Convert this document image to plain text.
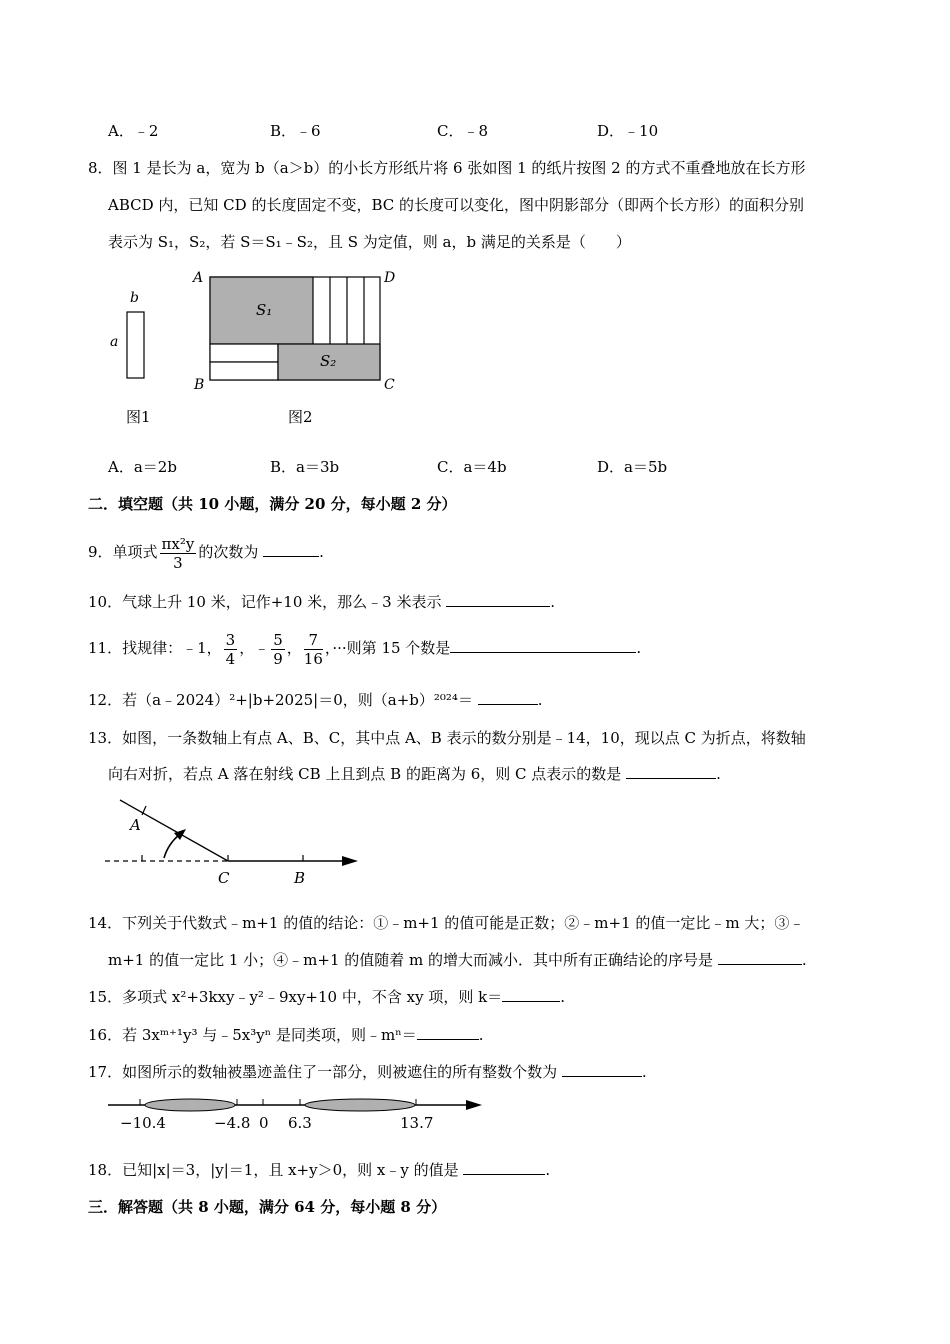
A．﹣2	B．﹣6	C．﹣8	D．﹣10
8．图 1 是长为 a，宽为 b（a＞b）的小长方形纸片将 6 张如图 1 的纸片按图 2 的方式不重叠地放在长方形
ABCD 内，已知 CD 的长度固定不变，BC 的长度可以变化，图中阴影部分（即两个长方形）的面积分别
表示为 S₁，S₂，若 S＝S₁﹣S₂，且 S 为定值，则 a，b 满足的关系是（　　）
b
a
图1
A	D
B	C
S₁
S₂
图2
A．a＝2b	B．a＝3b	C．a＝4b	D．a＝5b
二．填空题（共 10 小题，满分 20 分，每小题 2 分）
9．单项式 $\frac{\text{πx²y}}{3}$ 的次数为	.
10．气球上升 10 米，记作+10 米，那么﹣3 米表示	.
11．找规律：﹣1， $\frac{3}{4}$ ，﹣ $\frac{5}{9}$ ， $\frac{7}{16}$ ，···则第 15 个数是	.
12．若（a﹣2024）²+|b+2025|＝0，则（a+b）²⁰²⁴＝	.
13．如图，一条数轴上有点 A、B、C，其中点 A、B 表示的数分别是﹣14，10，现以点 C 为折点，将数轴
向右对折，若点 A 落在射线 CB 上且到点 B 的距离为 6，则 C 点表示的数是	.
A
C	B
14．下列关于代数式﹣m+1 的值的结论：①﹣m+1 的值可能是正数；②﹣m+1 的值一定比﹣m 大；③﹣
m+1 的值一定比 1 小；④﹣m+1 的值随着 m 的增大而减小．其中所有正确结论的序号是	.
15．多项式 x²+3kxy﹣y²﹣9xy+10 中，不含 xy 项，则 k＝	.
16．若 3xᵐ⁺¹y³ 与﹣5x³yⁿ 是同类项，则﹣mⁿ＝	.
17．如图所示的数轴被墨迹盖住了一部分，则被遮住的所有整数个数为	.
−10.4	−4.8 0 6.3	13.7
18．已知|x|＝3，|y|＝1，且 x+y＞0，则 x﹣y 的值是	.
三．解答题（共 8 小题，满分 64 分，每小题 8 分）
